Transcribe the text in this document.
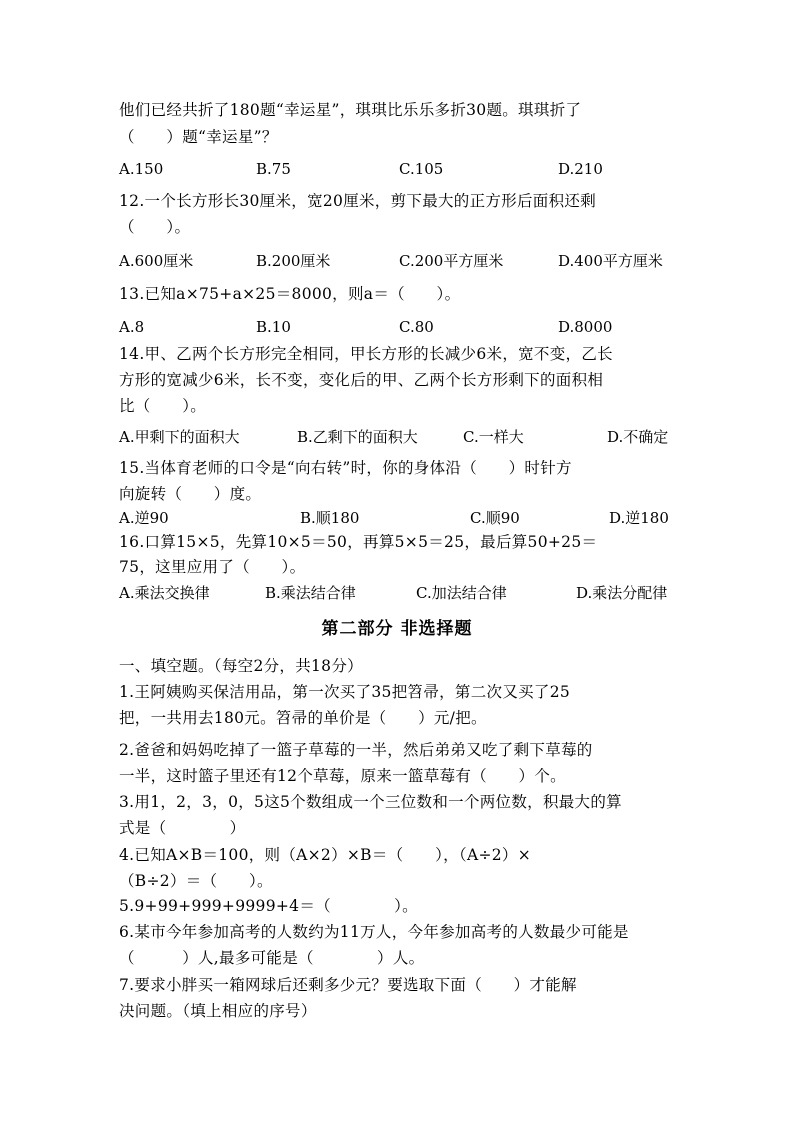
他们已经共折了180题“幸运星”，琪琪比乐乐多折30题。琪琪折了
（　　）题“幸运星”？
A.150	B.75	C.105	D.210
12.一个长方形长30厘米，宽20厘米，剪下最大的正方形后面积还剩
（　　）。
A.600厘米	B.200厘米	C.200平方厘米	D.400平方厘米
13.已知a×75+a×25＝8000，则a＝（　　）。
A.8	B.10	C.80	D.8000
14.甲、乙两个长方形完全相同，甲长方形的长减少6米，宽不变，乙长
方形的宽减少6米，长不变，变化后的甲、乙两个长方形剩下的面积相
比（　　）。
A.甲剩下的面积大	B.乙剩下的面积大	C.一样大	D.不确定
15.当体育老师的口令是“向右转”时，你的身体沿（　　）时针方
向旋转（　　）度。
A.逆90	B.顺180	C.顺90	D.逆180
16.口算15×5，先算10×5＝50，再算5×5＝25，最后算50+25＝
75，这里应用了（　　）。
A.乘法交换律	B.乘法结合律	C.加法结合律	D.乘法分配律
第二部分 非选择题
一、填空题。（每空2分，共18分）
1.王阿姨购买保洁用品，第一次买了35把笤帚，第二次又买了25
把，一共用去180元。笤帚的单价是（　　）元/把。
2.爸爸和妈妈吃掉了一篮子草莓的一半，然后弟弟又吃了剩下草莓的
一半，这时篮子里还有12个草莓，原来一篮草莓有（　　）个。
3.用1，2，3，0，5这5个数组成一个三位数和一个两位数，积最大的算
式是（　　　　）
4.已知A×B＝100，则（A×2）×B＝（　　），（A÷2）×
（B÷2）＝（　　）。
5.9+99+999+9999+4＝（　　　　）。
6.某市今年参加高考的人数约为11万人，今年参加高考的人数最少可能是
（　　　）人,最多可能是（　　　　）人。
7.要求小胖买一箱网球后还剩多少元？要选取下面（　　）才能解
决问题。（填上相应的序号）
